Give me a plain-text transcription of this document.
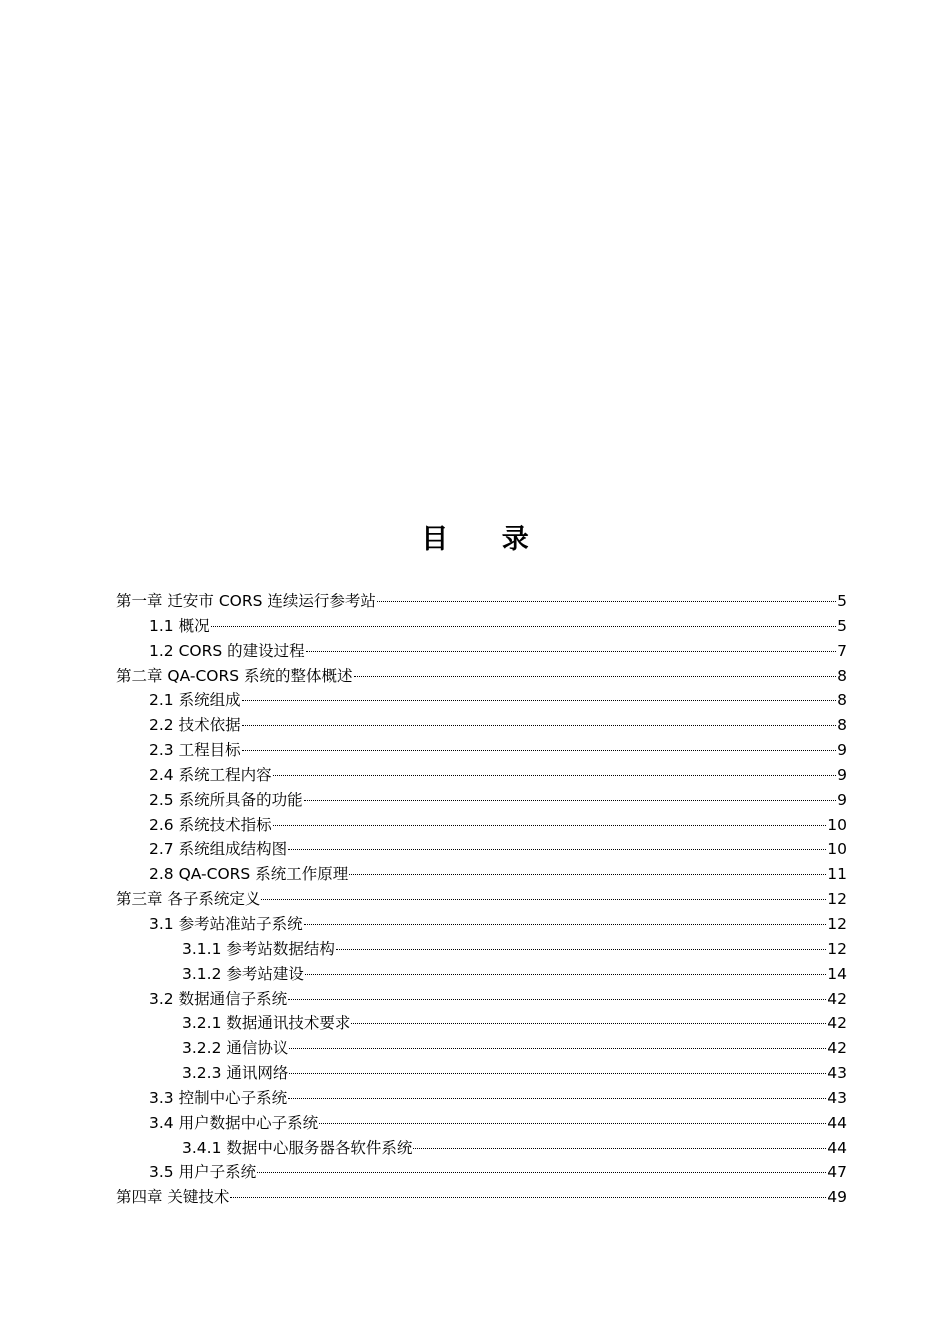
目 录
第一章 迁安市 CORS 连续运行参考站	5
1.1 概况	5
1.2 CORS 的建设过程	7
第二章 QA-CORS 系统的整体概述	8
2.1 系统组成	8
2.2 技术依据	8
2.3 工程目标	9
2.4 系统工程内容	9
2.5 系统所具备的功能	9
2.6 系统技术指标	10
2.7 系统组成结构图	10
2.8 QA-CORS 系统工作原理	11
第三章 各子系统定义	12
3.1 参考站准站子系统	12
3.1.1 参考站数据结构	12
3.1.2 参考站建设	14
3.2 数据通信子系统	42
3.2.1 数据通讯技术要求	42
3.2.2 通信协议	42
3.2.3 通讯网络	43
3.3 控制中心子系统	43
3.4 用户数据中心子系统	44
3.4.1 数据中心服务器各软件系统	44
3.5 用户子系统	47
第四章 关键技术	49
